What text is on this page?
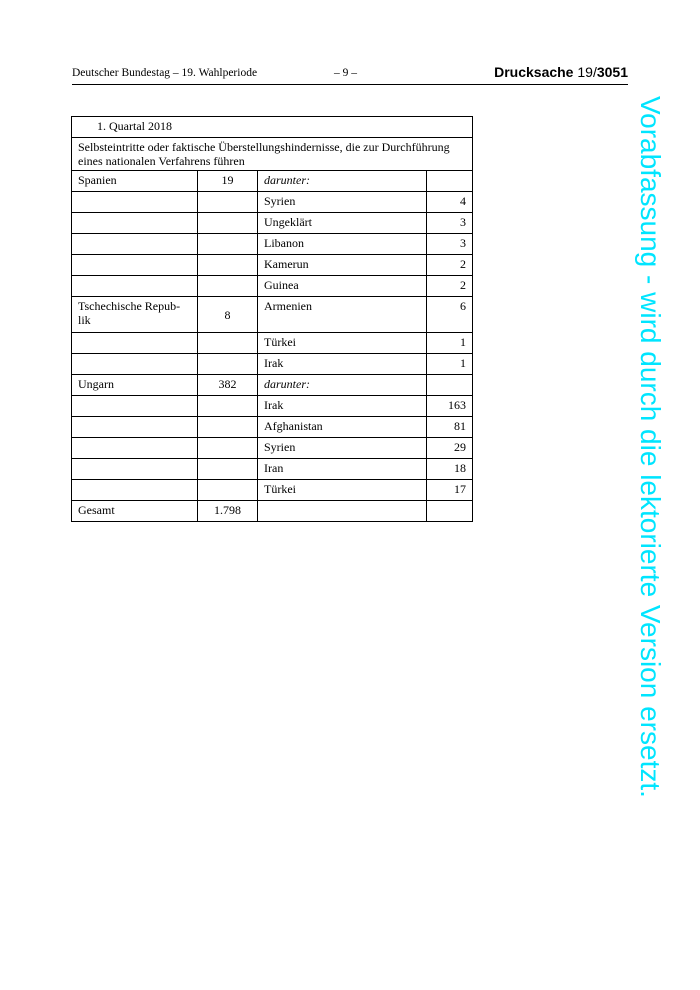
Deutscher Bundestag – 19. Wahlperiode	– 9 –	Drucksache 19/3051
1. Quartal 2018			
Selbsteintritte oder faktische Überstellungshindernisse, die zur Durchführung eines nationalen Verfahrens führen			
Spanien	19	darunter:	
		Syrien	4
		Ungeklärt	3
		Libanon	3
		Kamerun	2
		Guinea	2
Tschechische Repub-
lik	8	Armenien	6
		Türkei	1
		Irak	1
Ungarn	382	darunter:	
		Irak	163
		Afghanistan	81
		Syrien	29
		Iran	18
		Türkei	17
Gesamt	1.798			Vorabfassung - wird durch die lektorierte Version ersetzt.
